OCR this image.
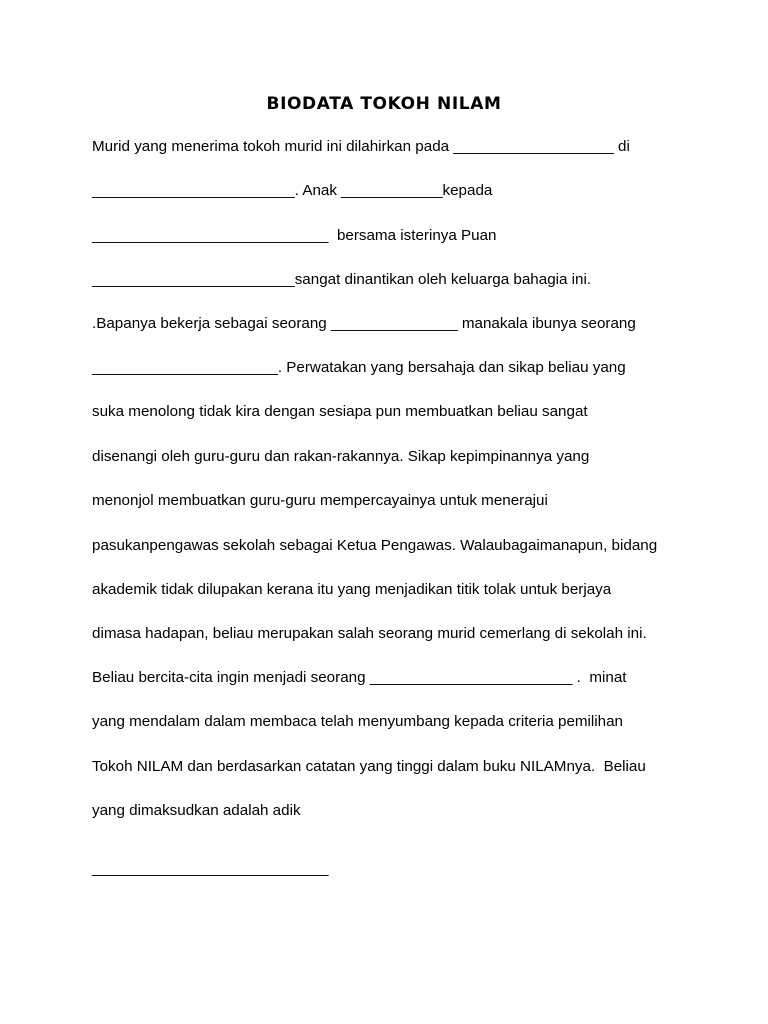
BIODATA TOKOH NILAM
Murid yang menerima tokoh murid ini dilahirkan pada ___________________ di
________________________. Anak ____________kepada
____________________________  bersama isterinya Puan
________________________sangat dinantikan oleh keluarga bahagia ini.
.Bapanya bekerja sebagai seorang _______________ manakala ibunya seorang
______________________. Perwatakan yang bersahaja dan sikap beliau yang
suka menolong tidak kira dengan sesiapa pun membuatkan beliau sangat
disenangi oleh guru-guru dan rakan-rakannya. Sikap kepimpinannya yang
menonjol membuatkan guru-guru mempercayainya untuk menerajui
pasukanpengawas sekolah sebagai Ketua Pengawas. Walaubagaimanapun, bidang
akademik tidak dilupakan kerana itu yang menjadikan titik tolak untuk berjaya
dimasa hadapan, beliau merupakan salah seorang murid cemerlang di sekolah ini.
Beliau bercita-cita ingin menjadi seorang ________________________ .  minat
yang mendalam dalam membaca telah menyumbang kepada criteria pemilihan
Tokoh NILAM dan berdasarkan catatan yang tinggi dalam buku NILAMnya.  Beliau
yang dimaksudkan adalah adik
____________________________
